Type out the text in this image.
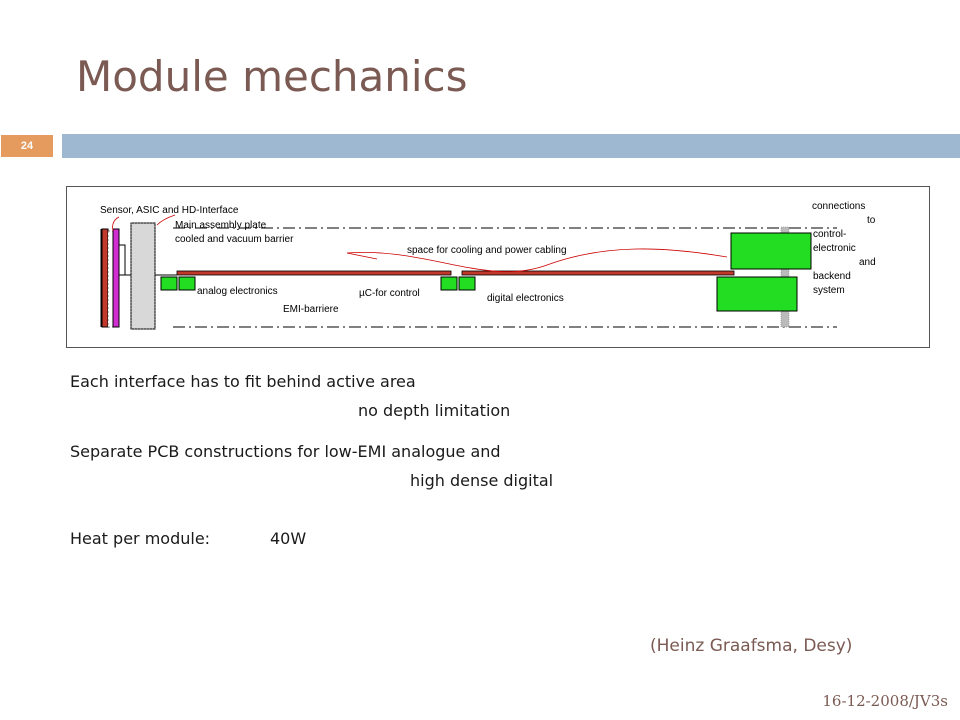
Module mechanics
24
Sensor, ASIC and HD-Interface
Main assembly plate
cooled and vacuum barrier
space for cooling and power cabling
analog electronics
EMI-barriere
µC-for control	digital electronics
connections
to
control-
electronic
and
backend
system
Each interface has to fit behind active area
no depth limitation
Separate PCB constructions for low-EMI analogue and
high dense digital
Heat per module:	40W
(Heinz Graafsma, Desy)
16-12-2008/JV3s
